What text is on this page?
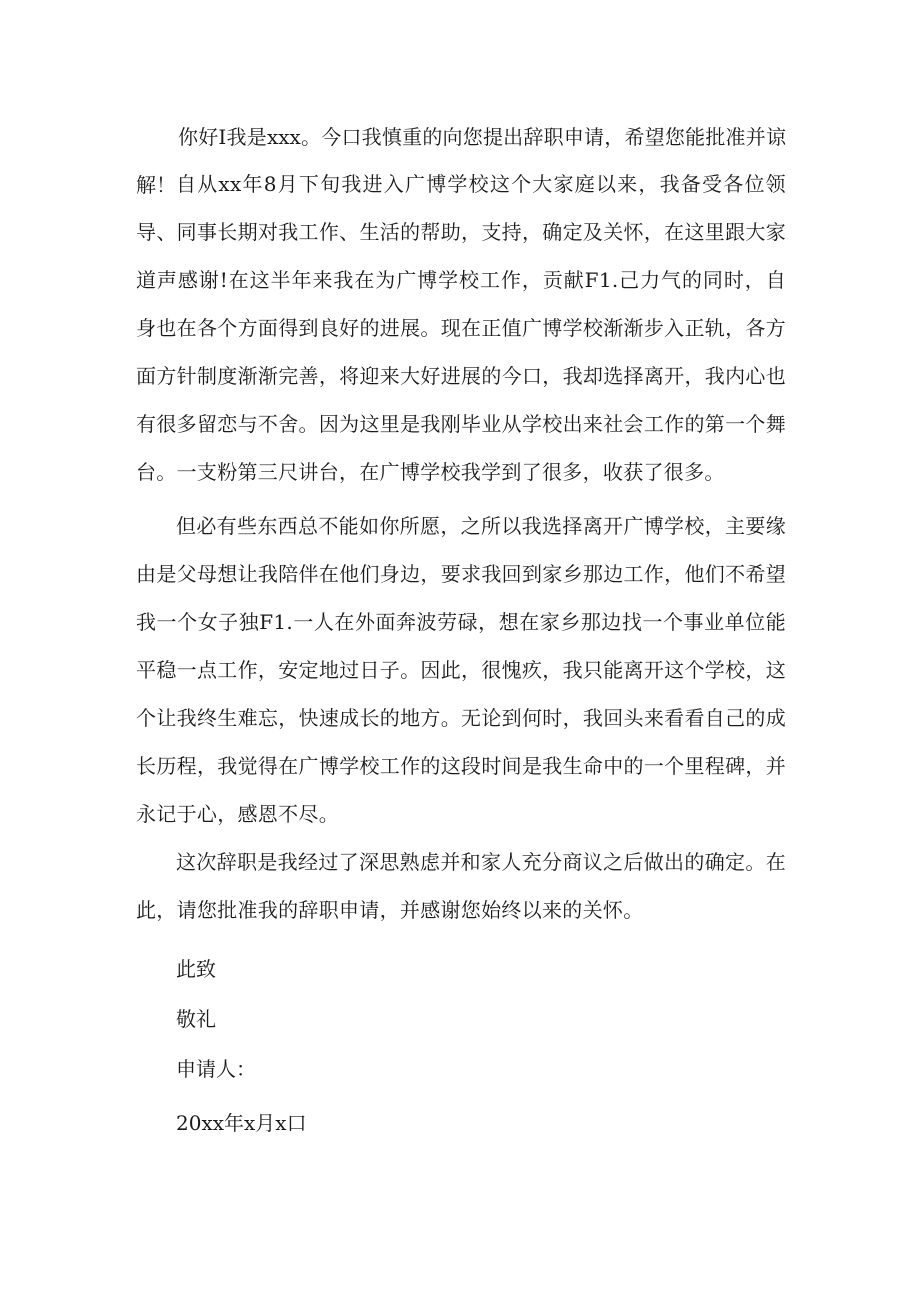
你好I我是xxx。今口我慎重的向您提出辞职申请，希望您能批准并谅解！ 自从xx年8月下旬我进入广博学校这个大家庭以来，我备受各位领导、同事长期对我工作、生活的帮助，支持，确定及关怀，在这里跟大家道声感谢!在这半年来我在为广博学校工作，贡献F1.己力气的同时，自身也在各个方面得到良好的进展。现在正值广博学校渐渐步入正轨，各方面方针制度渐渐完善，将迎来大好进展的今口，我却选择离开，我内心也有很多留恋与不舍。因为这里是我刚毕业从学校出来社会工作的第一个舞台。一支粉第三尺讲台，在广博学校我学到了很多，收获了很多。

但必有些东西总不能如你所愿，之所以我选择离开广博学校，主要缘由是父母想让我陪伴在他们身边，要求我回到家乡那边工作，他们不希望我一个女子独F1.一人在外面奔波劳碌，想在家乡那边找一个事业单位能平稳一点工作，安定地过日子。因此，很愧疚，我只能离开这个学校，这个让我终生难忘，快速成长的地方。无论到何时，我回头来看看自己的成长历程，我觉得在广博学校工作的这段时间是我生命中的一个里程碑，并永记于心，感恩不尽。

这次辞职是我经过了深思熟虑并和家人充分商议之后做出的确定。在此，请您批准我的辞职申请，并感谢您始终以来的关怀。

此致

敬礼

申请人：

20xx年x月x口
